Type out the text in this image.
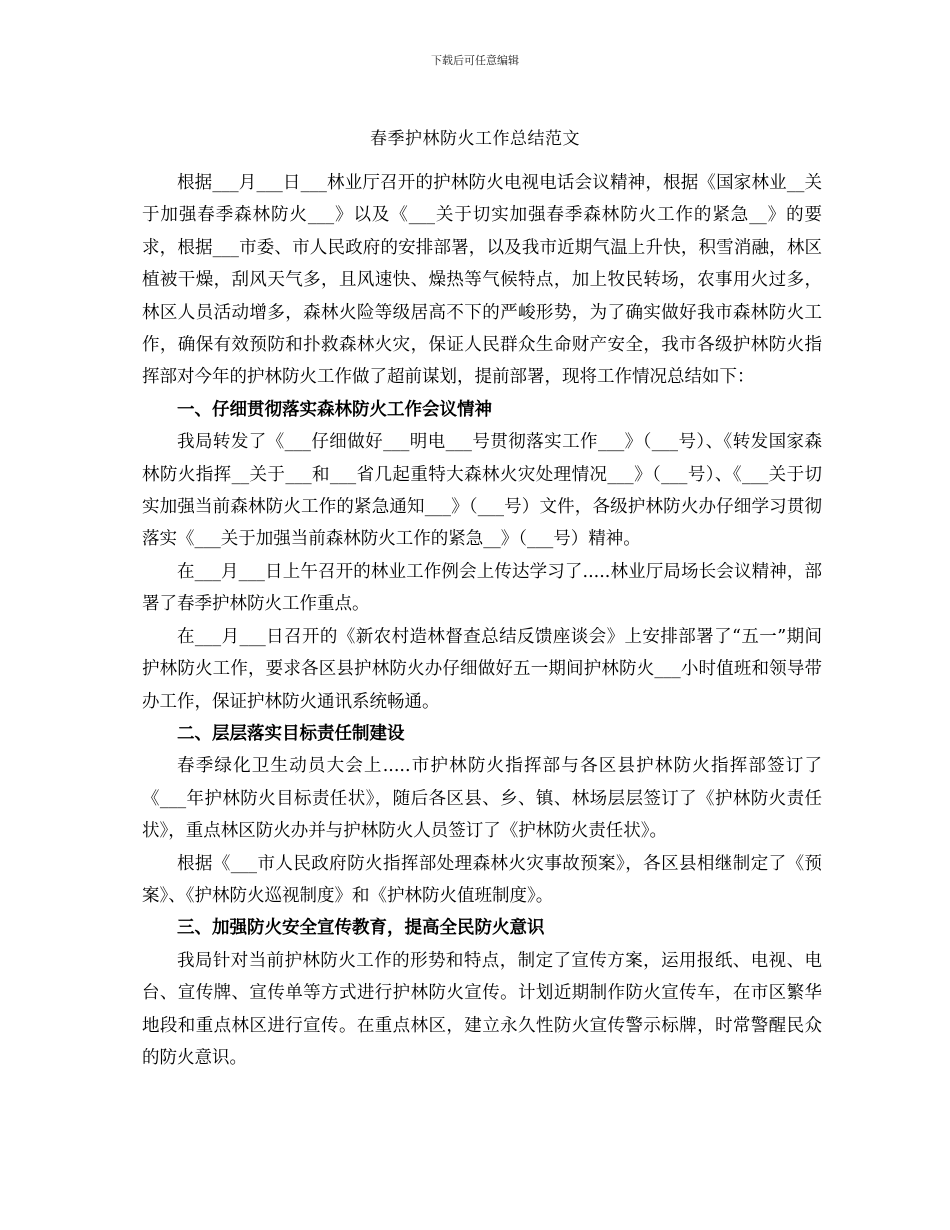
下载后可任意编辑
春季护林防火工作总结范文

根据___月___日___林业厅召开的护林防火电视电话会议精神，根据《国家林业__关于加强春季森林防火___》以及《___关于切实加强春季森林防火工作的紧急__》的要求，根据___市委、市人民政府的安排部署，以及我市近期气温上升快，积雪消融，林区植被干燥，刮风天气多，且风速快、燥热等气候特点，加上牧民转场，农事用火过多，林区人员活动增多，森林火险等级居高不下的严峻形势，为了确实做好我市森林防火工作，确保有效预防和扑救森林火灾，保证人民群众生命财产安全，我市各级护林防火指挥部对今年的护林防火工作做了超前谋划，提前部署，现将工作情况总结如下：

一、仔细贯彻落实森林防火工作会议情神

我局转发了《___仔细做好___明电___号贯彻落实工作___》（___号）、《转发国家森林防火指挥__关于___和___省几起重特大森林火灾处理情况___》（___号）、《___关于切实加强当前森林防火工作的紧急通知___》（___号）文件，各级护林防火办仔细学习贯彻落实《___关于加强当前森林防火工作的紧急__》（___号）精神。

在___月___日上午召开的林业工作例会上传达学习了.....林业厅局场长会议精神，部署了春季护林防火工作重点。

在___月___日召开的《新农村造林督查总结反馈座谈会》上安排部署了“五一”期间护林防火工作，要求各区县护林防火办仔细做好五一期间护林防火___小时值班和领导带办工作，保证护林防火通讯系统畅通。

二、层层落实目标责任制建设

春季绿化卫生动员大会上.....市护林防火指挥部与各区县护林防火指挥部签订了《___年护林防火目标责任状》，随后各区县、乡、镇、林场层层签订了《护林防火责任状》，重点林区防火办并与护林防火人员签订了《护林防火责任状》。

根据《___市人民政府防火指挥部处理森林火灾事故预案》，各区县相继制定了《预案》、《护林防火巡视制度》和《护林防火值班制度》。

三、加强防火安全宣传教育，提高全民防火意识

我局针对当前护林防火工作的形势和特点，制定了宣传方案，运用报纸、电视、电台、宣传牌、宣传单等方式进行护林防火宣传。计划近期制作防火宣传车，在市区繁华地段和重点林区进行宣传。在重点林区，建立永久性防火宣传警示标牌，时常警醒民众的防火意识。
